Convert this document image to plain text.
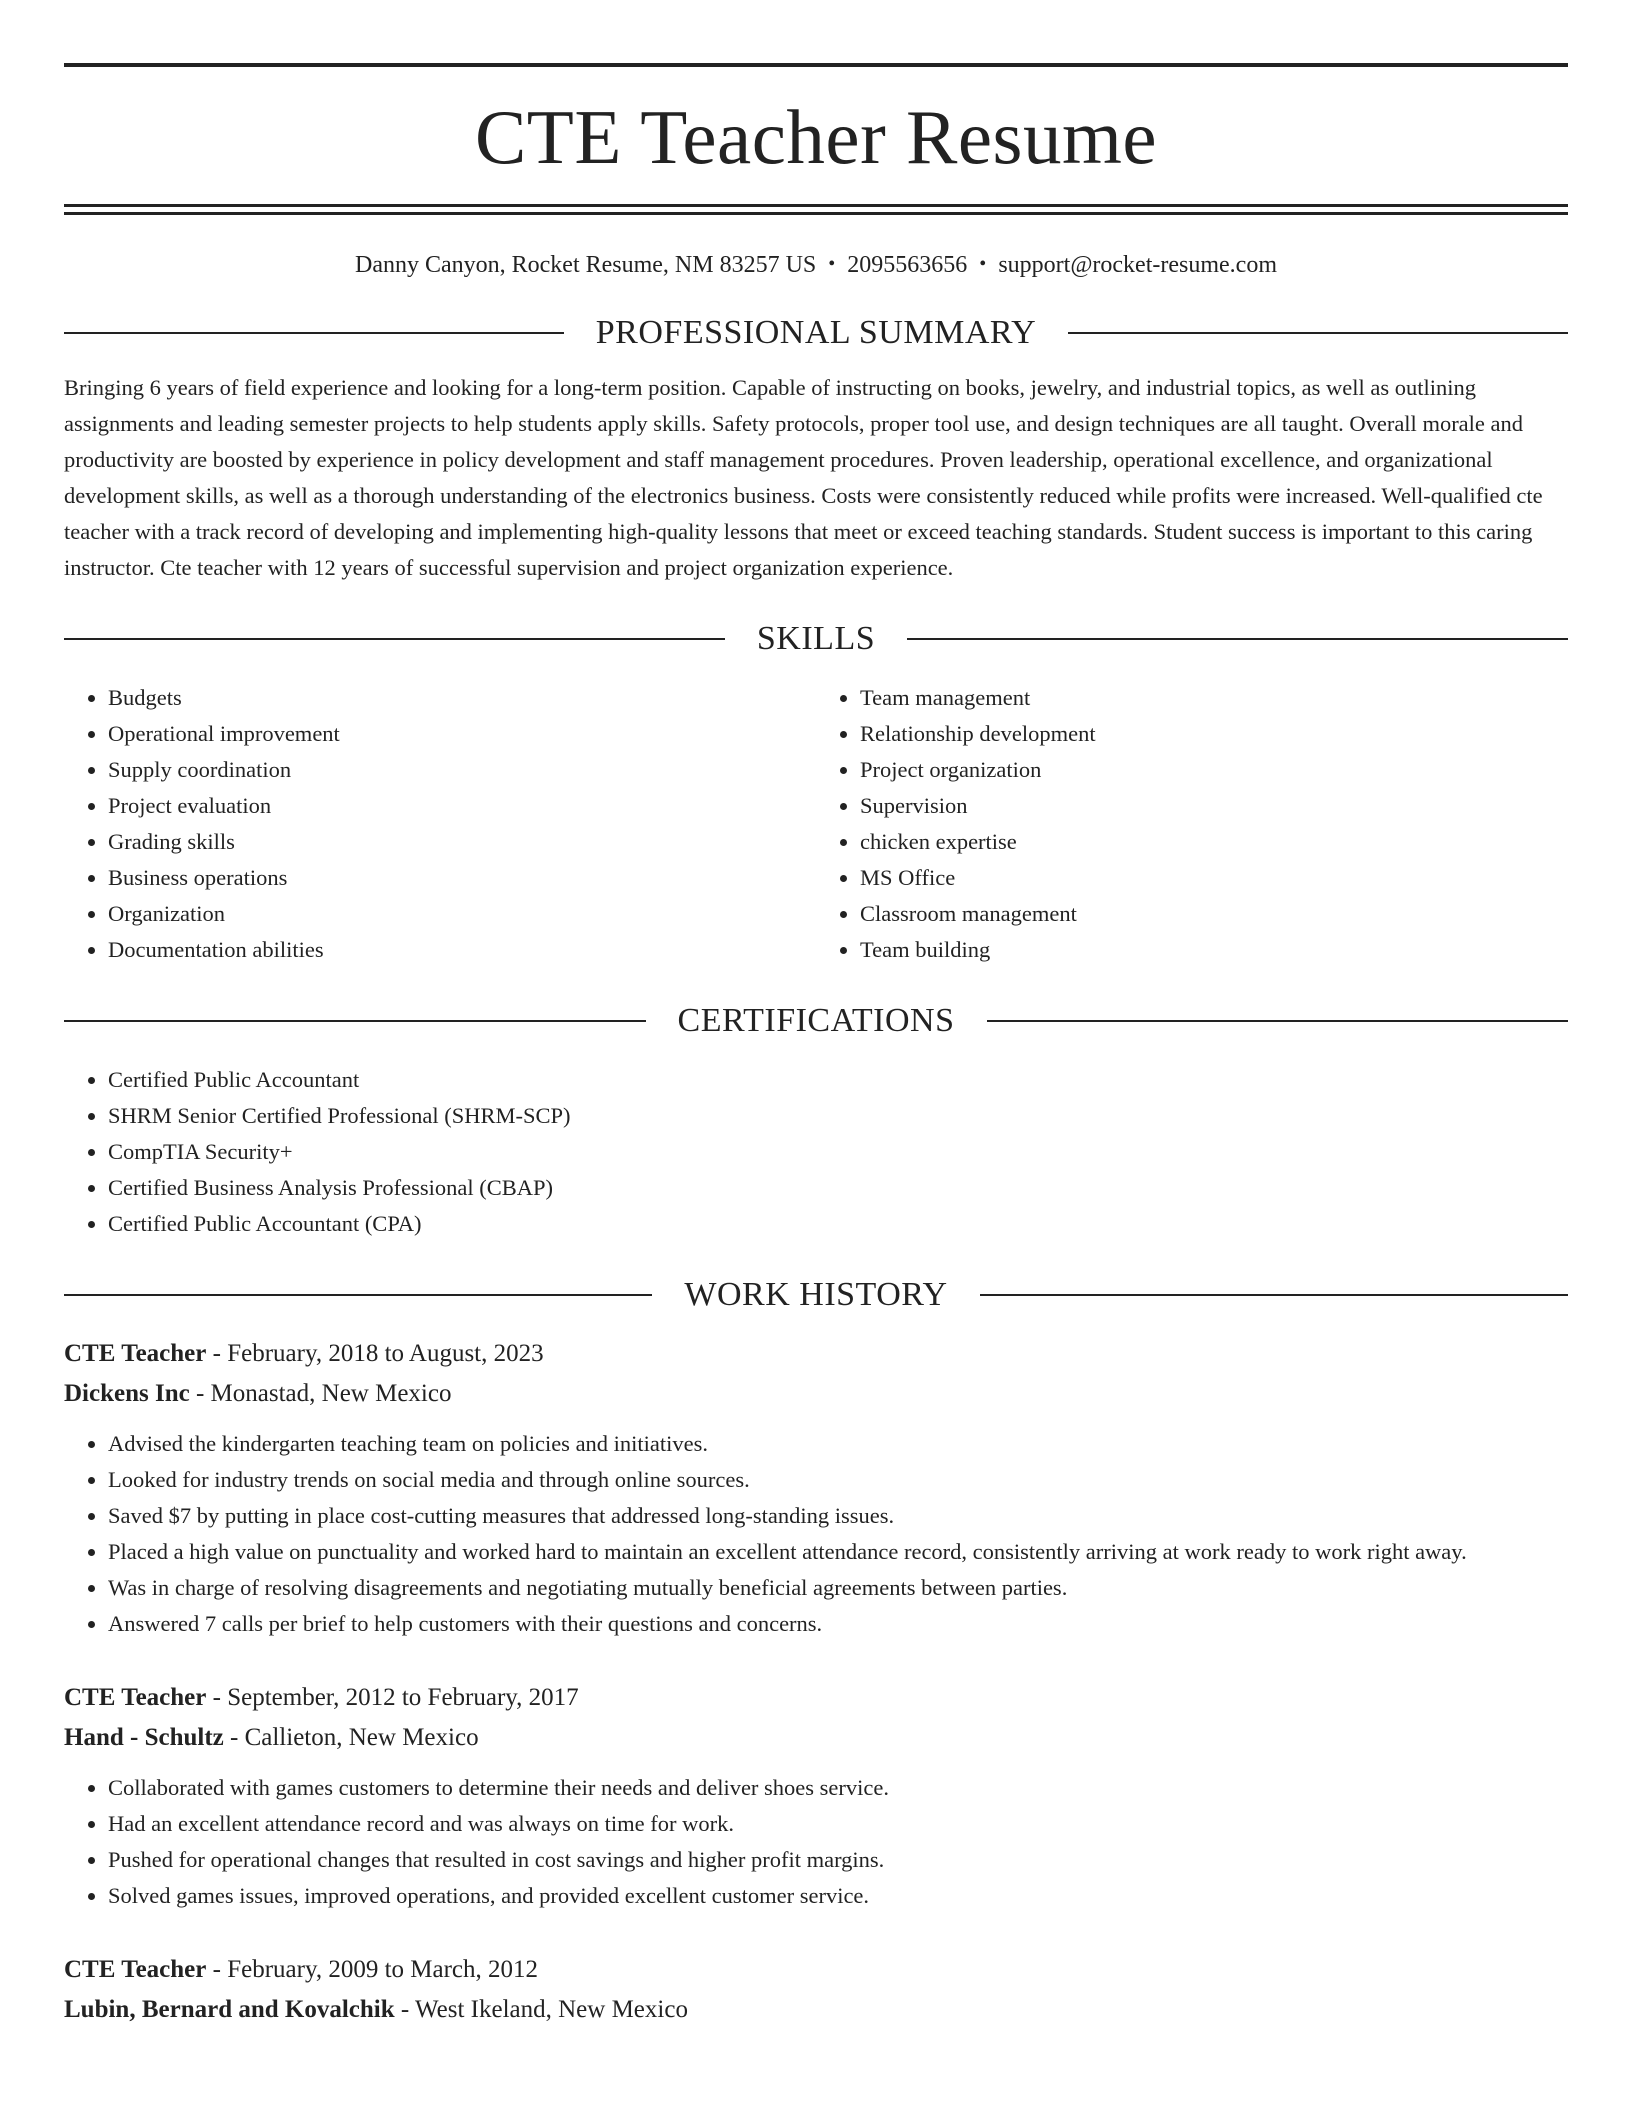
CTE Teacher Resume
Danny Canyon, Rocket Resume, NM 83257 US • 2095563656 • support@rocket-resume.com
PROFESSIONAL SUMMARY
Bringing 6 years of field experience and looking for a long-term position. Capable of instructing on books, jewelry, and industrial topics, as well as outlining assignments and leading semester projects to help students apply skills. Safety protocols, proper tool use, and design techniques are all taught. Overall morale and productivity are boosted by experience in policy development and staff management procedures. Proven leadership, operational excellence, and organizational development skills, as well as a thorough understanding of the electronics business. Costs were consistently reduced while profits were increased. Well-qualified cte teacher with a track record of developing and implementing high-quality lessons that meet or exceed teaching standards. Student success is important to this caring instructor. Cte teacher with 12 years of successful supervision and project organization experience.
SKILLS
• Budgets
• Operational improvement
• Supply coordination
• Project evaluation
• Grading skills
• Business operations
• Organization
• Documentation abilities
• Team management
• Relationship development
• Project organization
• Supervision
• chicken expertise
• MS Office
• Classroom management
• Team building
CERTIFICATIONS
• Certified Public Accountant
• SHRM Senior Certified Professional (SHRM-SCP)
• CompTIA Security+
• Certified Business Analysis Professional (CBAP)
• Certified Public Accountant (CPA)
WORK HISTORY
CTE Teacher - February, 2018 to August, 2023
Dickens Inc - Monastad, New Mexico
• Advised the kindergarten teaching team on policies and initiatives.
• Looked for industry trends on social media and through online sources.
• Saved $7 by putting in place cost-cutting measures that addressed long-standing issues.
• Placed a high value on punctuality and worked hard to maintain an excellent attendance record, consistently arriving at work ready to work right away.
• Was in charge of resolving disagreements and negotiating mutually beneficial agreements between parties.
• Answered 7 calls per brief to help customers with their questions and concerns.
CTE Teacher - September, 2012 to February, 2017
Hand - Schultz - Callieton, New Mexico
• Collaborated with games customers to determine their needs and deliver shoes service.
• Had an excellent attendance record and was always on time for work.
• Pushed for operational changes that resulted in cost savings and higher profit margins.
• Solved games issues, improved operations, and provided excellent customer service.
CTE Teacher - February, 2009 to March, 2012
Lubin, Bernard and Kovalchik - West Ikeland, New Mexico
